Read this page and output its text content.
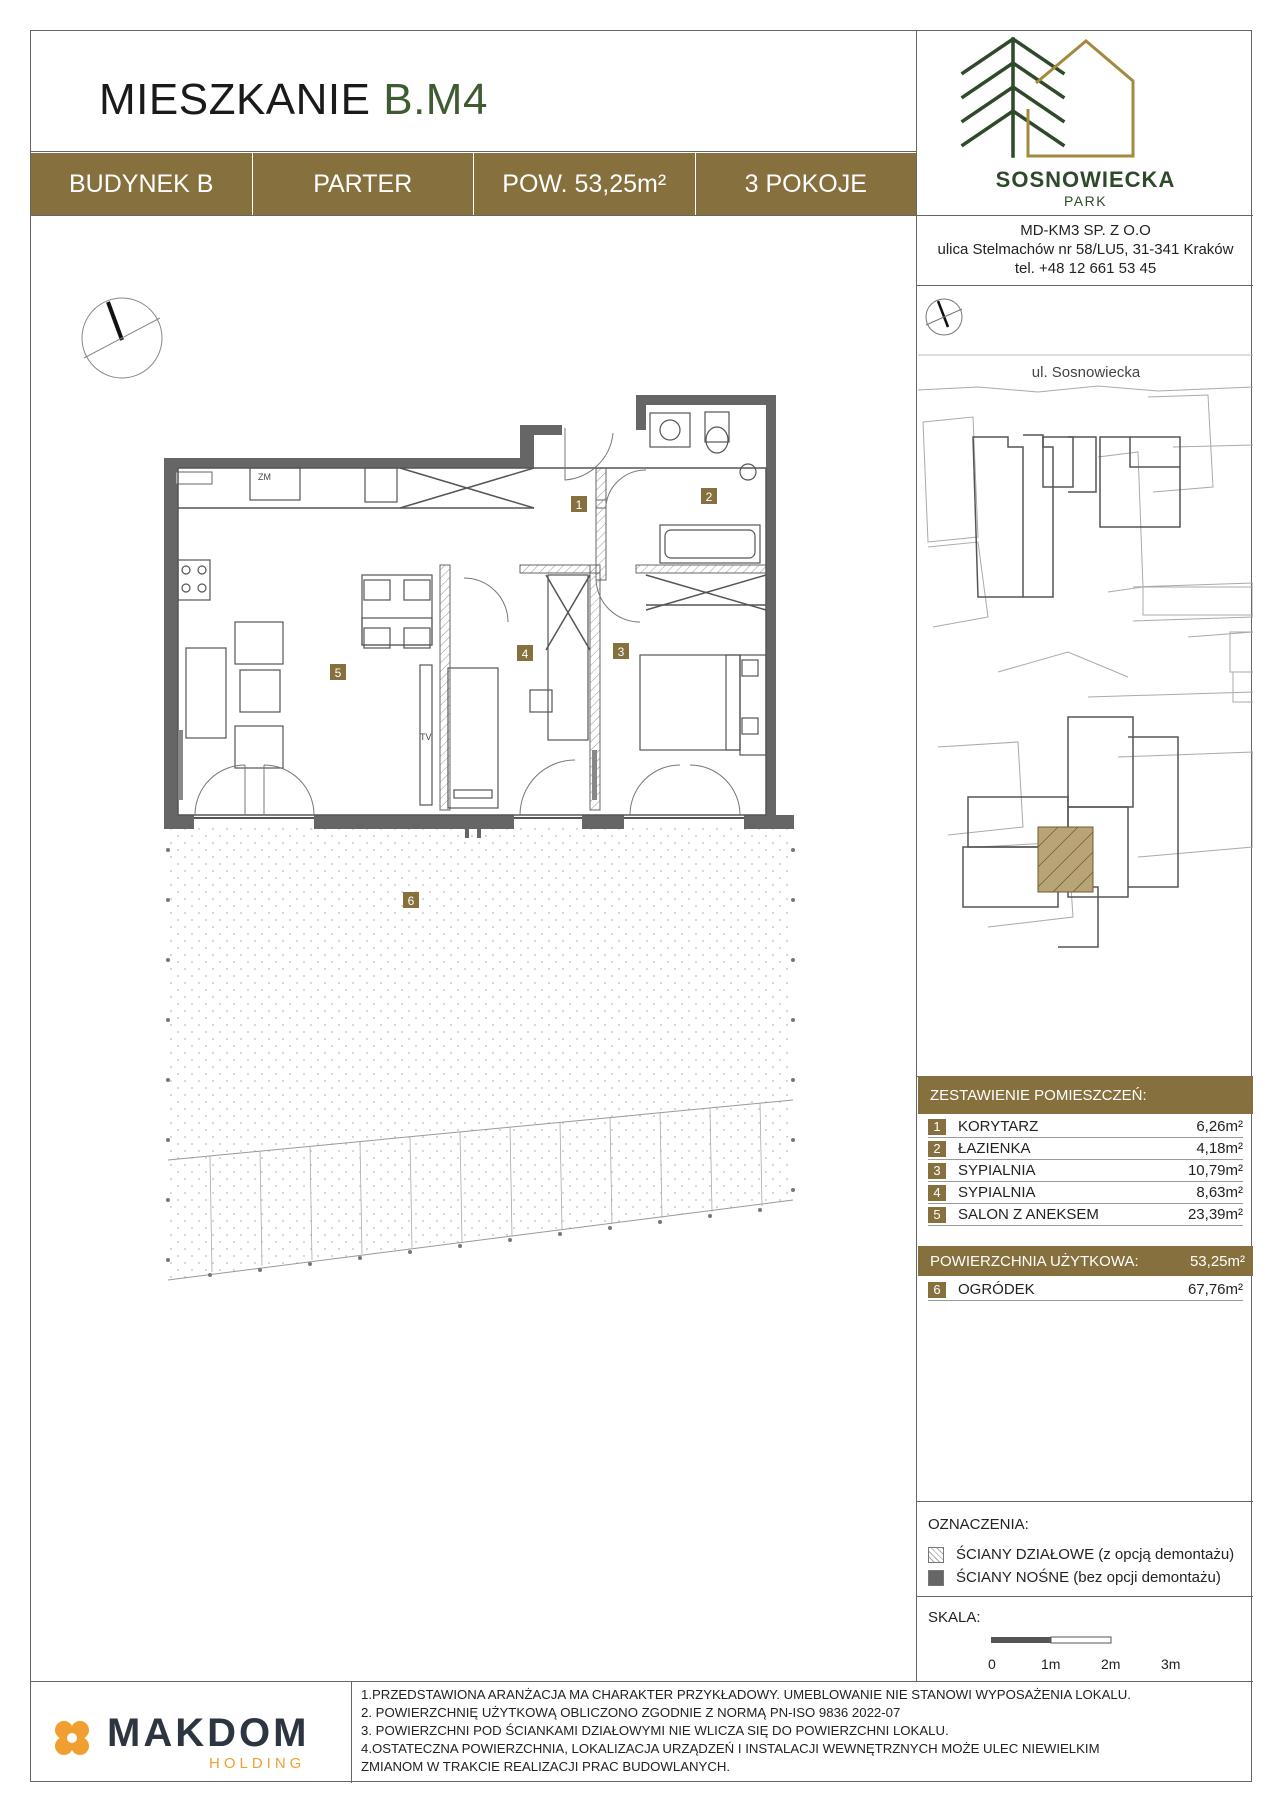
MIESZKANIE B.M4
BUDYNEK B	PARTER	POW. 53,25m²	3 POKOJE	SOSNOWIECKA
PARK
MD-KM3 SP. Z O.O
ulica Stelmachów nr 58/LU5, 31-341 Kraków
tel. +48 12 661 53 45
ul. Sosnowiecka
ZESTAWIENIE POMIESZCZEŃ:
1	KORYTARZ	6,26m²
2	ŁAZIENKA	4,18m²
3	SYPIALNIA	10,79m²
4	SYPIALNIA	8,63m²
5	SALON Z ANEKSEM	23,39m²
POWIERZCHNIA UŻYTKOWA:	53,25m²
6	OGRÓDEK	67,76m²
OZNACZENIA:
ŚCIANY DZIAŁOWE (z opcją demontażu)
ŚCIANY NOŚNE (bez opcji demontażu)
SKALA:
0	1m	2m	3m
1.PRZEDSTAWIONA ARANŻACJA MA CHARAKTER PRZYKŁADOWY. UMEBLOWANIE NIE STANOWI WYPOSAŻENIA LOKALU.
2. POWIERZCHNIĘ UŻYTKOWĄ OBLICZONO ZGODNIE Z NORMĄ PN-ISO 9836 2022-07
3. POWIERZCHNI POD ŚCIANKAMI DZIAŁOWYMI NIE WLICZA SIĘ DO POWIERZCHNI LOKALU.
4.OSTATECZNA POWIERZCHNIA, LOKALIZACJA URZĄDZEŃ I INSTALACJI WEWNĘTRZNYCH MOŻE ULEC NIEWIELKIM
ZMIANOM W TRAKCIE REALIZACJI PRAC BUDOWLANYCH.
MAKDOM
HOLDING
ZM
TV
1
2
3
4
5
6
